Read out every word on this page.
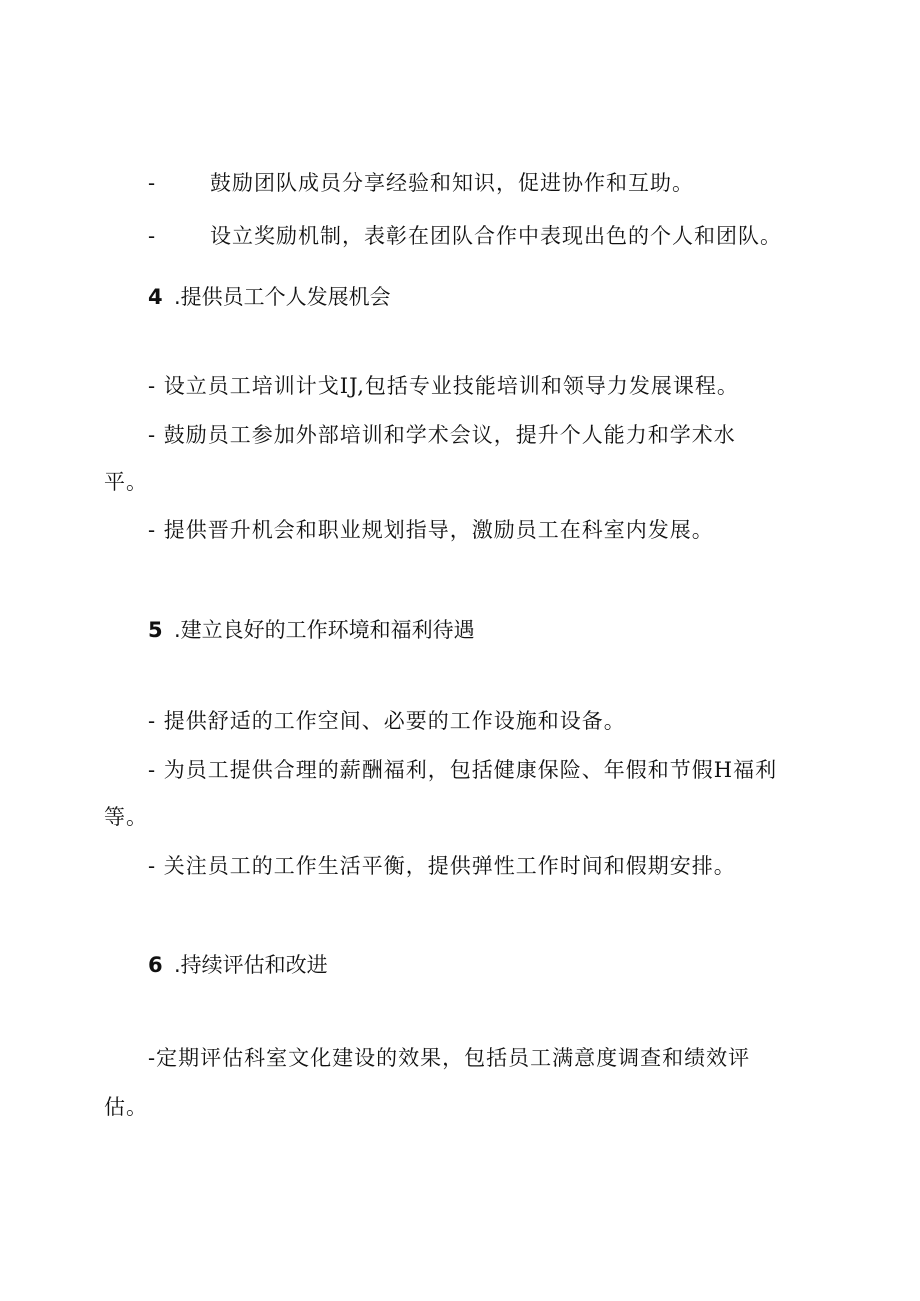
-	鼓励团队成员分享经验和知识，促进协作和互助。
-	设立奖励机制，表彰在团队合作中表现出色的个人和团队。
4 .提供员工个人发展机会
- 设立员工培训计戈IJ,包括专业技能培训和领导力发展课程。
- 鼓励员工参加外部培训和学术会议，提升个人能力和学术水
平。
- 提供晋升机会和职业规划指导，激励员工在科室内发展。
5 .建立良好的工作环境和福利待遇
- 提供舒适的工作空间、必要的工作设施和设备。
- 为员工提供合理的薪酬福利，包括健康保险、年假和节假H福利
等。
- 关注员工的工作生活平衡，提供弹性工作时间和假期安排。
6 .持续评估和改进
-定期评估科室文化建设的效果，包括员工满意度调查和绩效评
估。
